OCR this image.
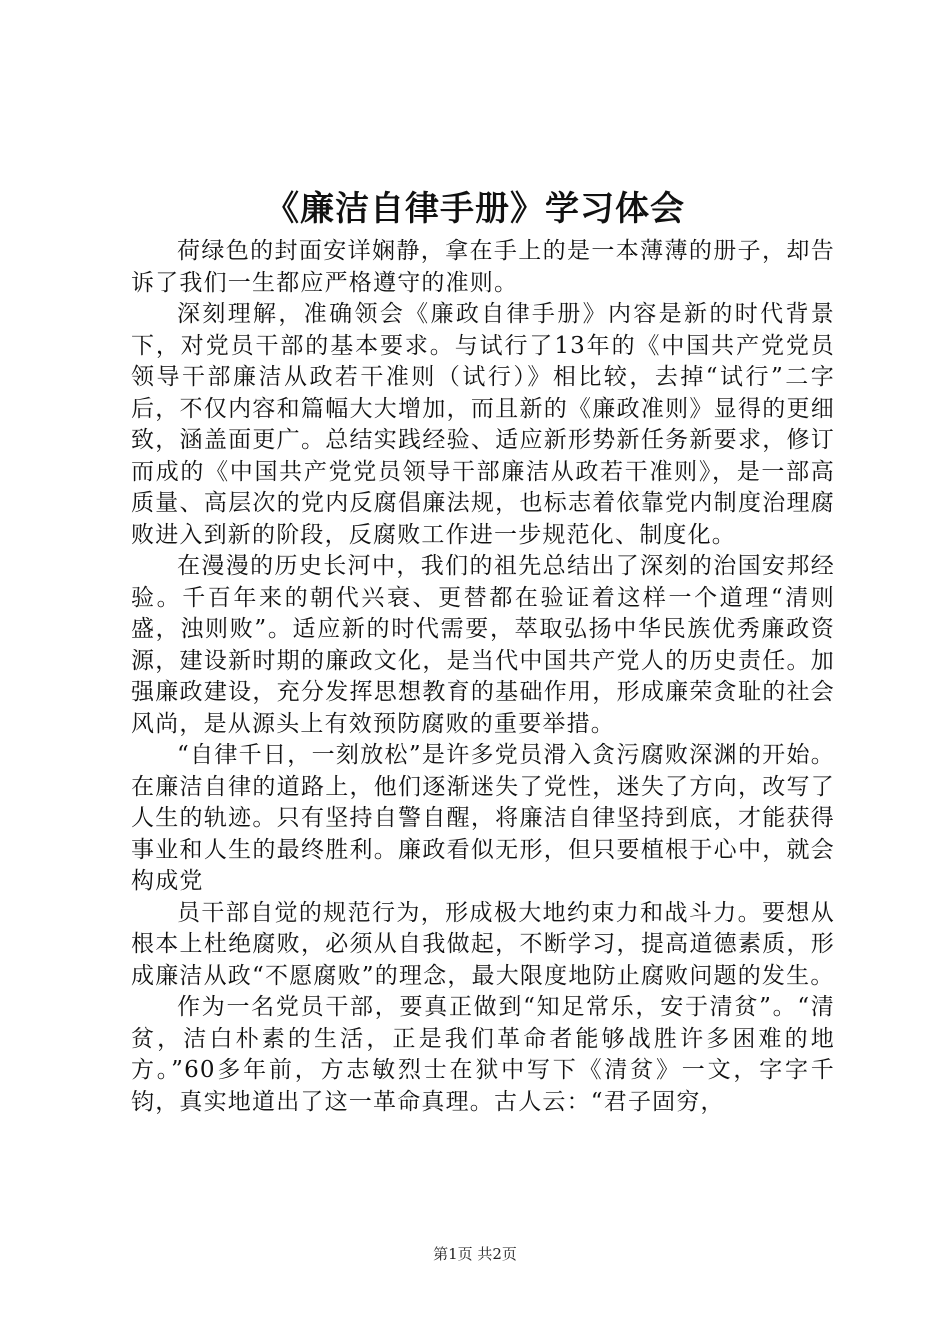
《廉洁自律手册》学习体会

荷绿色的封面安详娴静，拿在手上的是一本薄薄的册子，却告诉了我们一生都应严格遵守的准则。

深刻理解，准确领会《廉政自律手册》内容是新的时代背景下，对党员干部的基本要求。与试行了13年的《中国共产党党员领导干部廉洁从政若干准则（试行）》相比较，去掉“试行”二字后，不仅内容和篇幅大大增加，而且新的《廉政准则》显得的更细致，涵盖面更广。总结实践经验、适应新形势新任务新要求，修订而成的《中国共产党党员领导干部廉洁从政若干准则》，是一部高质量、高层次的党内反腐倡廉法规，也标志着依靠党内制度治理腐败进入到新的阶段，反腐败工作进一步规范化、制度化。

在漫漫的历史长河中，我们的祖先总结出了深刻的治国安邦经验。千百年来的朝代兴衰、更替都在验证着这样一个道理“清则盛，浊则败”。适应新的时代需要，萃取弘扬中华民族优秀廉政资源，建设新时期的廉政文化，是当代中国共产党人的历史责任。加强廉政建设，充分发挥思想教育的基础作用，形成廉荣贪耻的社会风尚，是从源头上有效预防腐败的重要举措。

“自律千日，一刻放松”是许多党员滑入贪污腐败深渊的开始。在廉洁自律的道路上，他们逐渐迷失了党性，迷失了方向，改写了人生的轨迹。只有坚持自警自醒，将廉洁自律坚持到底，才能获得事业和人生的最终胜利。廉政看似无形，但只要植根于心中，就会构成党

员干部自觉的规范行为，形成极大地约束力和战斗力。要想从根本上杜绝腐败，必须从自我做起，不断学习，提高道德素质，形成廉洁从政“不愿腐败”的理念，最大限度地防止腐败问题的发生。

作为一名党员干部，要真正做到“知足常乐，安于清贫”。“清贫，洁白朴素的生活，正是我们革命者能够战胜许多困难的地方。”60多年前，方志敏烈士在狱中写下《清贫》一文，字字千钧，真实地道出了这一革命真理。古人云：“君子固穷，

第1页 共2页
